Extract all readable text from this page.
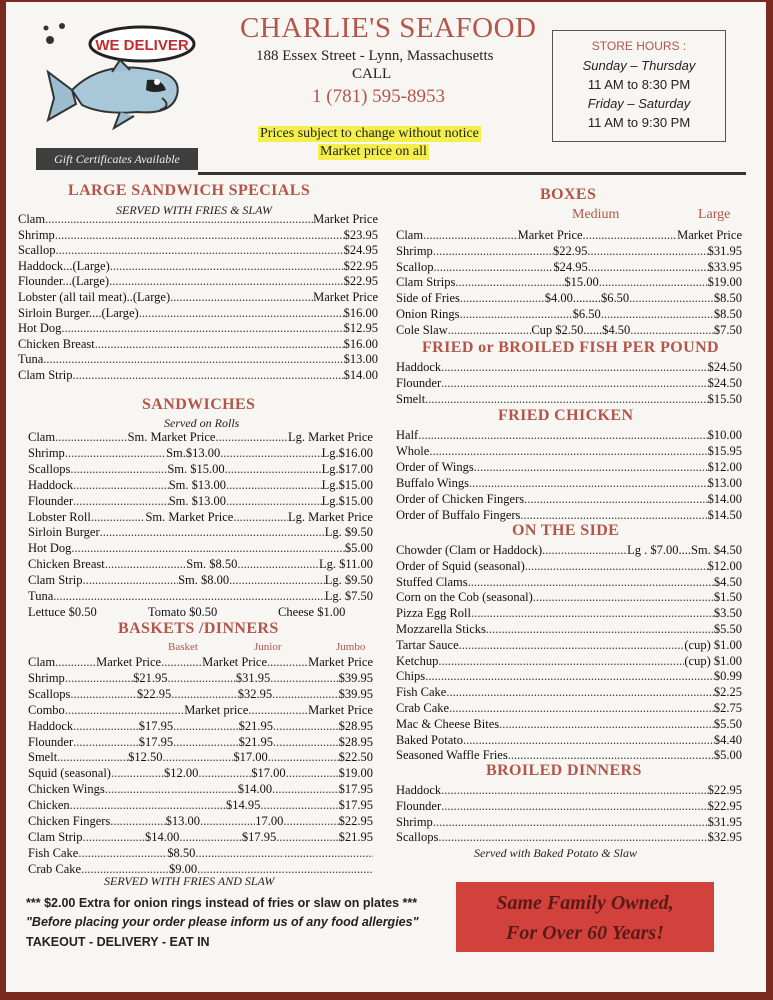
WE DELIVER
Gift Certificates Available
CHARLIE'S SEAFOOD
188 Essex Street - Lynn, Massachusetts
CALL
1 (781) 595-8953
Prices subject to change without notice
Market price on all
STORE HOURS :
Sunday – Thursday
11 AM to 8:30 PM
Friday – Saturday
11 AM to 9:30 PM
LARGE SANDWICH SPECIALS
SERVED WITH FRIES & SLAW
Clam .....	Market Price
Shrimp .....	$23.95
Scallop .....	$24.95
Haddock...(Large) .....	$22.95
Flounder...(Large) .....	$22.95
Lobster (all tail meat)..(Large) .....	Market Price
Sirloin Burger....(Large) .....	$16.00
Hot Dog .....	$12.95
Chicken Breast .....	$16.00
Tuna .....	$13.00
Clam Strip .....	$14.00
SANDWICHES
Served on Rolls
Clam .....	Sm. Market Price .....	Lg. Market Price
Shrimp .....	Sm.$13.00 .....	Lg.$16.00
Scallops .....	Sm. $15.00 .....	Lg.$17.00
Haddock .....	Sm. $13.00 .....	Lg.$15.00
Flounder .....	Sm. $13.00 .....	Lg.$15.00
Lobster Roll .....	Sm. Market Price .....	Lg. Market Price
Sirloin Burger ..... .....	Lg. $9.50
Hot Dog ..... .....	$5.00
Chicken Breast .....	Sm. $8.50 .....	Lg. $11.00
Clam Strip .....	Sm. $8.00 .....	Lg. $9.50
Tuna ..... .....	Lg. $7.50
Lettuce $0.50	Tomato $0.50	Cheese $1.00
BASKETS /DINNERS
Basket	Junior	Jumbo
Clam .....	Market Price .....	Market Price .....	Market Price
Shrimp .....	$21.95 .....	$31.95 .....	$39.95
Scallops .....	$22.95 .....	$32.95 .....	$39.95
Combo ..... .....	Market price .....	Market Price
Haddock .....	$17.95 .....	$21.95 .....	$28.95
Flounder .....	$17.95 .....	$21.95 .....	$28.95
Smelt .....	$12.50 .....	$17.00 .....	$22.50
Squid (seasonal) .....	$12.00 .....	$17.00 .....	$19.00
Chicken Wings ..... .....	$14.00 .....	$17.95
Chicken ..... .....	$14.95 .....	$17.95
Chicken Fingers .....	$13.00 .....	17.00 .....	$22.95
Clam Strip .....	$14.00 .....	$17.95 .....	$21.95
Fish Cake .....	$8.50
.....
.....
Crab Cake .....	$9.00
.....
.....
SERVED WITH FRIES AND SLAW
BOXES
Medium	Large
Clam .....	Market Price .....	Market Price
Shrimp .....	$22.95 .....	$31.95
Scallop .....	$24.95 .....	$33.95
Clam Strips .....	$15.00 .....	$19.00
Side of Fries .....	$4.00.........$6.50 .....	$8.50
Onion Rings .....	$6.50 .....	$8.50
Cole Slaw .....	Cup $2.50......$4.50 .....	$7.50
FRIED or BROILED FISH PER POUND
Haddock .....	$24.50
Flounder .....	$24.50
Smelt .....	$15.50
FRIED CHICKEN
Half .....	$10.00
Whole .....	$15.95
Order of Wings .....	$12.00
Buffalo Wings .....	$13.00
Order of Chicken Fingers .....	$14.00
Order of Buffalo Fingers .....	$14.50
ON THE SIDE
Chowder (Clam or Haddock) .....	Lg . $7.00....Sm. $4.50
Order of Squid (seasonal) .....	$12.00
Stuffed Clams .....	$4.50
Corn on the Cob (seasonal) .....	$1.50
Pizza Egg Roll .....	$3.50
Mozzarella Sticks .....	$5.50
Tartar Sauce .....	(cup) $1.00
Ketchup .....	(cup) $1.00
Chips .....	$0.99
Fish Cake .....	$2.25
Crab Cake .....	$2.75
Mac & Cheese Bites .....	$5.50
Baked Potato .....	$4.40
Seasoned Waffle Fries .....	$5.00
BROILED DINNERS
Haddock .....	$22.95
Flounder .....	$22.95
Shrimp .....	$31.95
Scallops .....	$32.95
Served with Baked Potato & Slaw
*** $2.00 Extra for onion rings instead of fries or slaw on plates ***
"Before placing your order please inform us of any food allergies"
TAKEOUT - DELIVERY - EAT IN
Same Family Owned,
For Over 60 Years!
